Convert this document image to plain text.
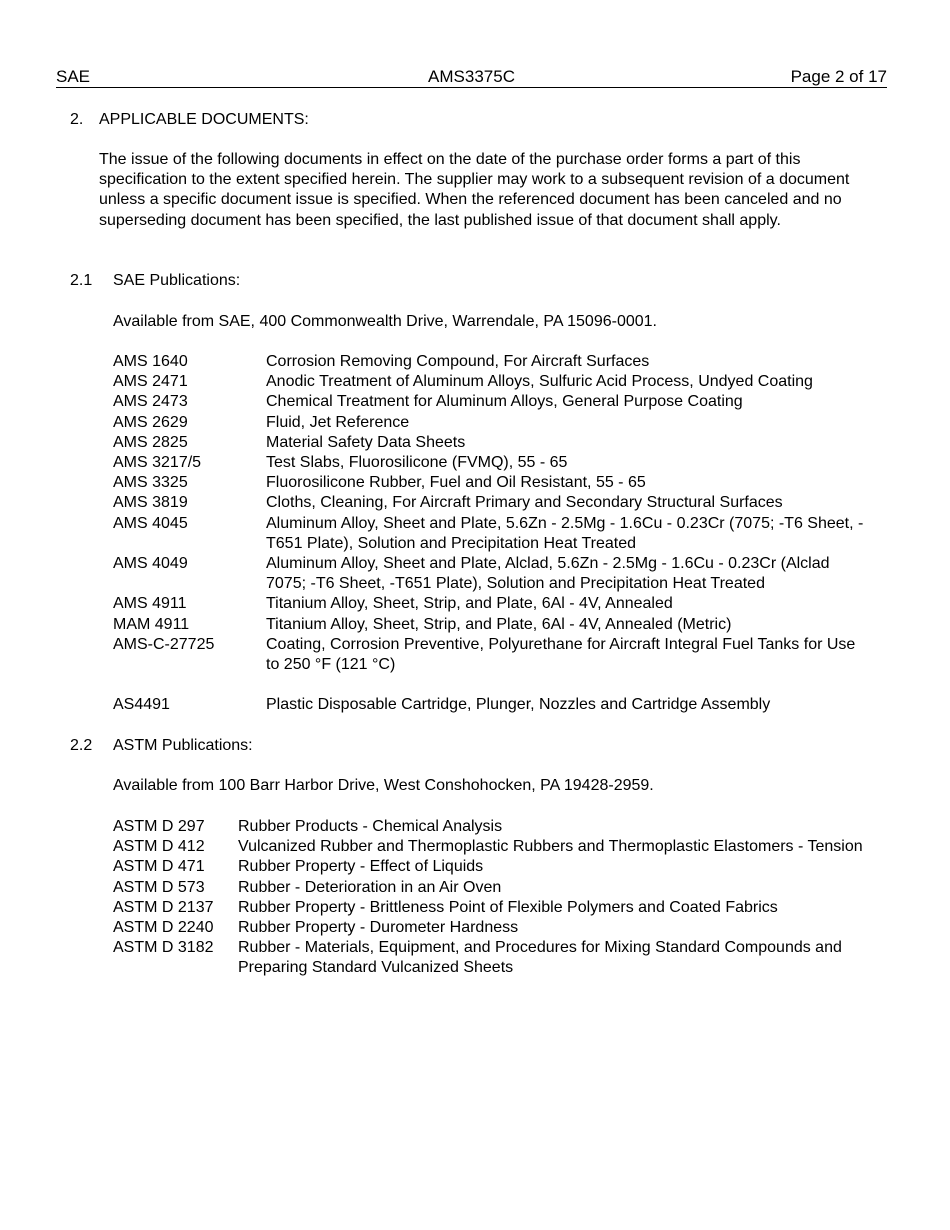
SAE	AMS3375C	Page 2 of 17
2. APPLICABLE DOCUMENTS:
The issue of the following documents in effect on the date of the purchase order forms a part of this specification to the extent specified herein. The supplier may work to a subsequent revision of a document unless a specific document issue is specified. When the referenced document has been canceled and no superseding document has been specified, the last published issue of that document shall apply.
2.1 SAE Publications:
Available from SAE, 400 Commonwealth Drive, Warrendale, PA 15096-0001.
AMS 1640	Corrosion Removing Compound, For Aircraft Surfaces
AMS 2471	Anodic Treatment of Aluminum Alloys, Sulfuric Acid Process, Undyed Coating
AMS 2473	Chemical Treatment for Aluminum Alloys, General Purpose Coating
AMS 2629	Fluid, Jet Reference
AMS 2825	Material Safety Data Sheets
AMS 3217/5	Test Slabs, Fluorosilicone (FVMQ), 55 - 65
AMS 3325	Fluorosilicone Rubber, Fuel and Oil Resistant, 55 - 65
AMS 3819	Cloths, Cleaning, For Aircraft Primary and Secondary Structural Surfaces
AMS 4045	Aluminum Alloy, Sheet and Plate, 5.6Zn - 2.5Mg - 1.6Cu - 0.23Cr (7075; -T6 Sheet, -T651 Plate), Solution and Precipitation Heat Treated
AMS 4049	Aluminum Alloy, Sheet and Plate, Alclad, 5.6Zn - 2.5Mg - 1.6Cu - 0.23Cr (Alclad 7075; -T6 Sheet, -T651 Plate), Solution and Precipitation Heat Treated
AMS 4911	Titanium Alloy, Sheet, Strip, and Plate, 6Al - 4V, Annealed
MAM 4911	Titanium Alloy, Sheet, Strip, and Plate, 6Al - 4V, Annealed (Metric)
AMS-C-27725	Coating, Corrosion Preventive, Polyurethane for Aircraft Integral Fuel Tanks for Use to 250 °F (121 °C)
AS4491	Plastic Disposable Cartridge, Plunger, Nozzles and Cartridge Assembly
2.2 ASTM Publications:
Available from 100 Barr Harbor Drive, West Conshohocken, PA 19428-2959.
ASTM D 297 Rubber Products - Chemical Analysis
ASTM D 412 Vulcanized Rubber and Thermoplastic Rubbers and Thermoplastic Elastomers - Tension
ASTM D 471 Rubber Property - Effect of Liquids
ASTM D 573 Rubber - Deterioration in an Air Oven
ASTM D 2137 Rubber Property - Brittleness Point of Flexible Polymers and Coated Fabrics
ASTM D 2240 Rubber Property - Durometer Hardness
ASTM D 3182 Rubber - Materials, Equipment, and Procedures for Mixing Standard Compounds and Preparing Standard Vulcanized Sheets
